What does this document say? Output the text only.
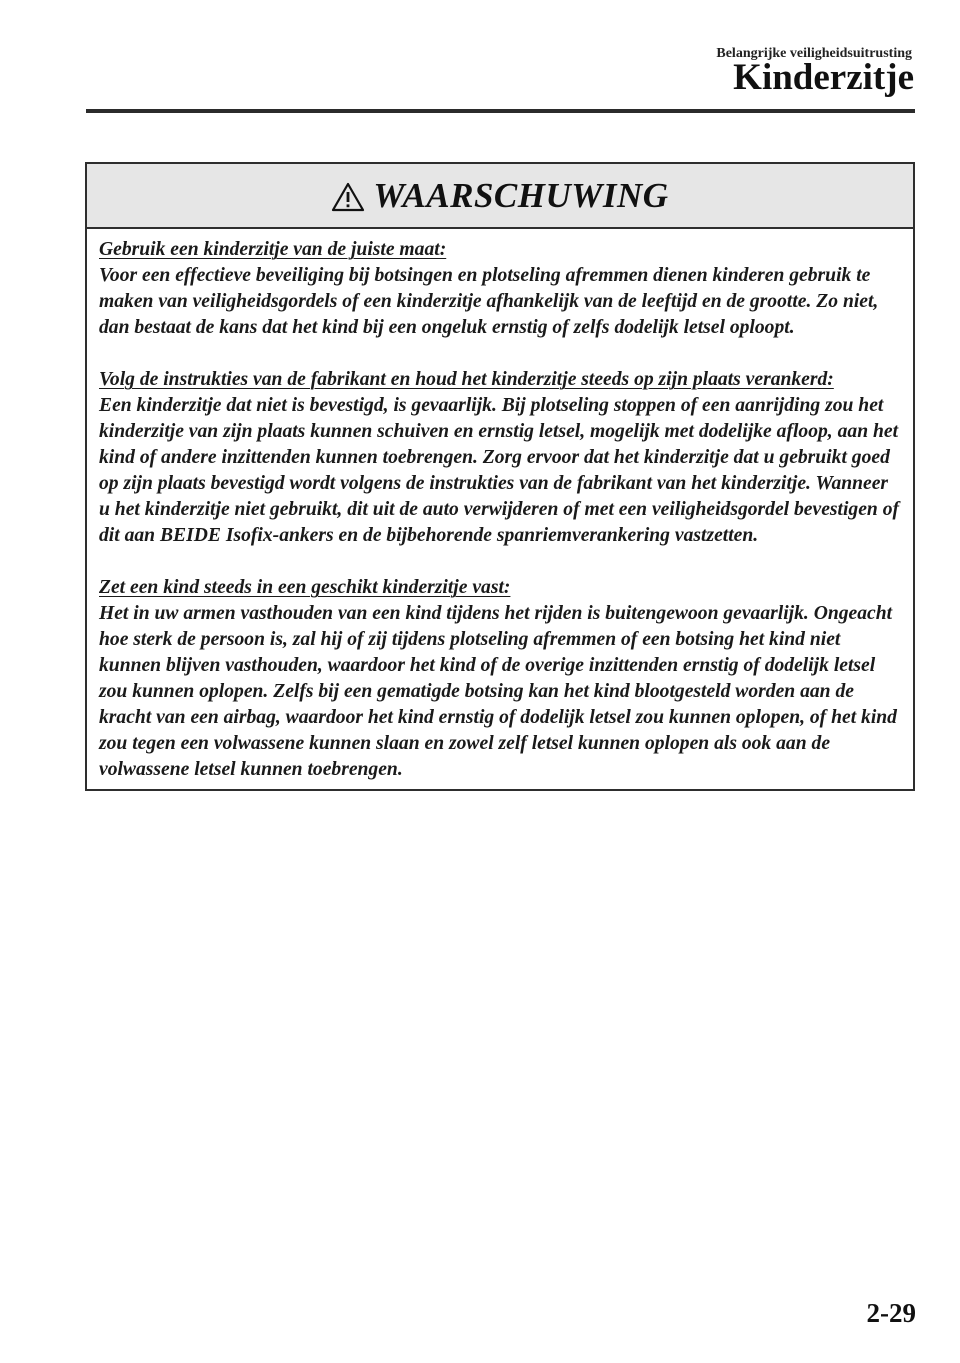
Belangrijke veiligheidsuitrusting
Kinderzitje
WAARSCHUWING
Gebruik een kinderzitje van de juiste maat:
Voor een effectieve beveiliging bij botsingen en plotseling afremmen dienen kinderen gebruik te maken van veiligheidsgordels of een kinderzitje afhankelijk van de leeftijd en de grootte. Zo niet, dan bestaat de kans dat het kind bij een ongeluk ernstig of zelfs dodelijk letsel oploopt.
Volg de instrukties van de fabrikant en houd het kinderzitje steeds op zijn plaats verankerd:
Een kinderzitje dat niet is bevestigd, is gevaarlijk. Bij plotseling stoppen of een aanrijding zou het kinderzitje van zijn plaats kunnen schuiven en ernstig letsel, mogelijk met dodelijke afloop, aan het kind of andere inzittenden kunnen toebrengen. Zorg ervoor dat het kinderzitje dat u gebruikt goed op zijn plaats bevestigd wordt volgens de instrukties van de fabrikant van het kinderzitje. Wanneer u het kinderzitje niet gebruikt, dit uit de auto verwijderen of met een veiligheidsgordel bevestigen of dit aan BEIDE Isofix-ankers en de bijbehorende spanriemverankering vastzetten.
Zet een kind steeds in een geschikt kinderzitje vast:
Het in uw armen vasthouden van een kind tijdens het rijden is buitengewoon gevaarlijk. Ongeacht hoe sterk de persoon is, zal hij of zij tijdens plotseling afremmen of een botsing het kind niet kunnen blijven vasthouden, waardoor het kind of de overige inzittenden ernstig of dodelijk letsel zou kunnen oplopen. Zelfs bij een gematigde botsing kan het kind blootgesteld worden aan de kracht van een airbag, waardoor het kind ernstig of dodelijk letsel zou kunnen oplopen, of het kind zou tegen een volwassene kunnen slaan en zowel zelf letsel kunnen oplopen als ook aan de volwassene letsel kunnen toebrengen.
2-29
carmanualsonline.info
